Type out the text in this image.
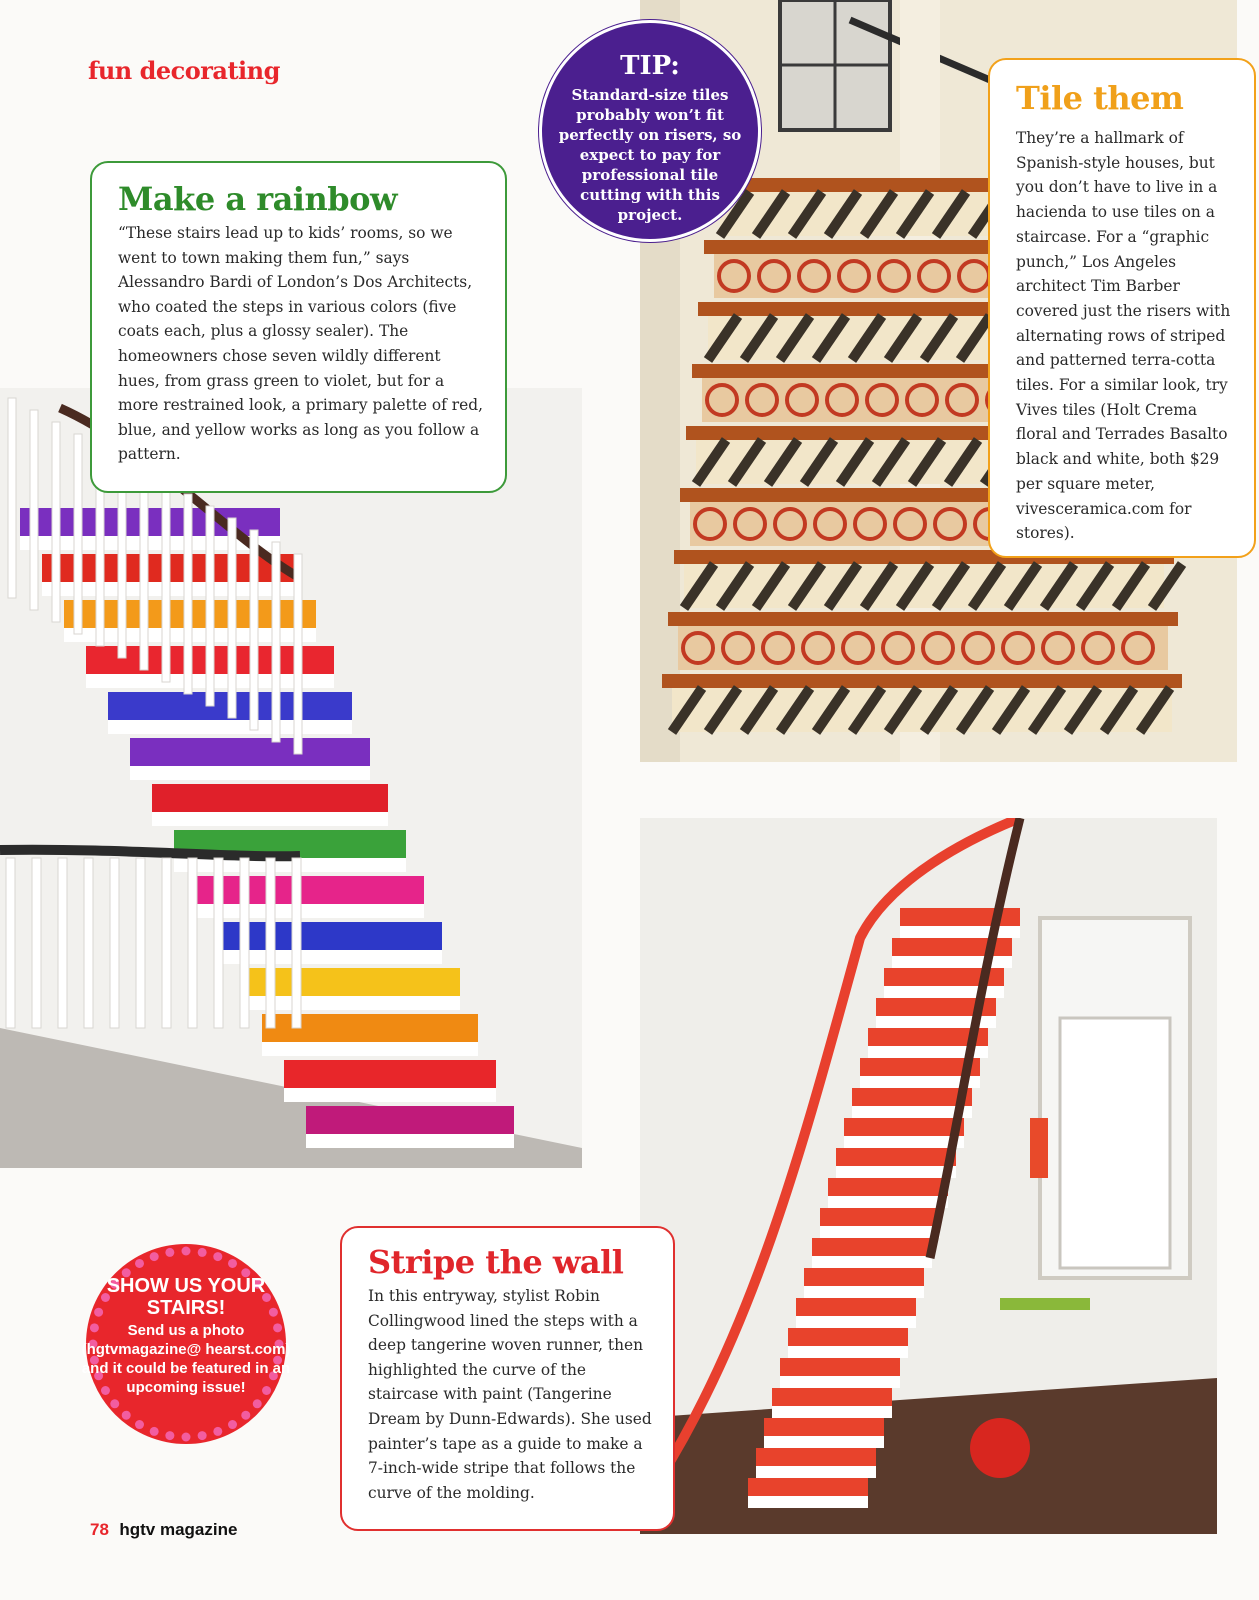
fun decorating
Make a rainbow

“These stairs lead up to kids’ rooms, so we went to town making them fun,” says Alessandro Bardi of London’s Dos Architects, who coated the steps in various colors (five coats each, plus a glossy sealer). The homeowners chose seven wildly different hues, from grass green to violet, but for a more restrained look, a primary palette of red, blue, and yellow works as long as you follow a pattern.

Tile them

They’re a hallmark of Spanish-style houses, but you don’t have to live in a hacienda to use tiles on a staircase. For a “graphic punch,” Los Angeles architect Tim Barber covered just the risers with alternating rows of striped and patterned terra-cotta tiles. For a similar look, try Vives tiles (Holt Crema floral and Terrades Basalto black and white, both $29 per square meter, vivesceramica.com for stores).

Stripe the wall

In this entryway, stylist Robin Collingwood lined the steps with a deep tangerine woven runner, then highlighted the curve of the staircase with paint (Tangerine Dream by Dunn-Edwards). She used painter’s tape as a guide to make a 7-inch-wide stripe that follows the curve of the molding.

TIP:
Standard-size tiles probably won’t fit perfectly on risers, so expect to pay for professional tile cutting with this project.
SHOW US YOUR STAIRS!
Send us a photo (hgtvmagazine@ hearst.com) and it could be featured in an upcoming issue!
78 hgtv magazine
